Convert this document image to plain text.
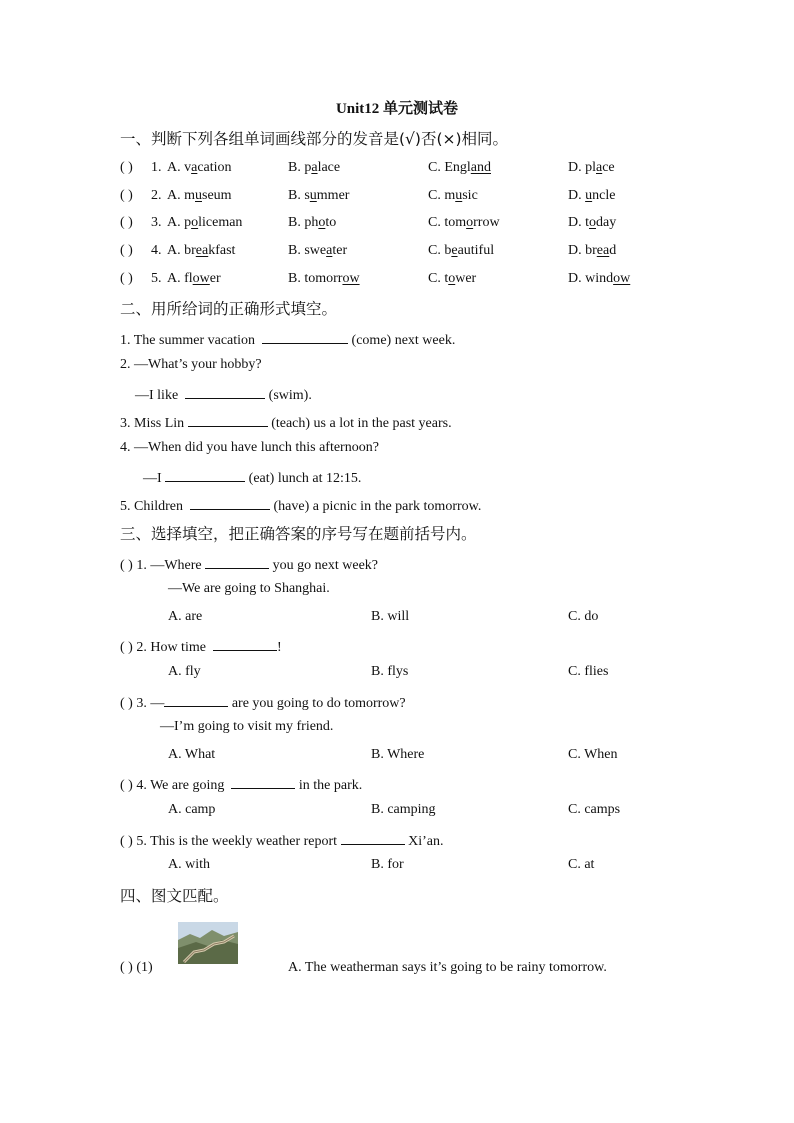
Unit12 单元测试卷
一、判断下列各组单词画线部分的发音是(√)否(×)相同。
( ) 1. A. vacation	B. palace	C. England	D. place
( ) 2. A. museum	B. summer	C. music	D. uncle
( ) 3. A. policeman	B. photo	C. tomorrow	D. today
( ) 4. A. breakfast	B. sweater	C. beautiful	D. bread
( ) 5. A. flower	B. tomorrow	C. tower	D. window
二、用所给词的正确形式填空。
1. The summer vacation	(come) next week.
2. —What’s your hobby?
—I like	(swim).
3. Miss Lin	(teach) us a lot in the past years.
4. —When did you have lunch this afternoon?
—I	(eat) lunch at 12:15.
5. Children	(have) a picnic in the park tomorrow.
三、选择填空，把正确答案的序号写在题前括号内。
( ) 1. —Where	you go next week?
—We are going to Shanghai.
A. are	B. will	C. do
( ) 2. How time	!
A. fly	B. flys	C. flies
( ) 3. —	are you going to do tomorrow?
—I’m going to visit my friend.
A. What	B. Where	C. When
( ) 4. We are going	in the park.
A. camp	B. camping	C. camps
( ) 5. This is the weekly weather report	Xi’an.
A. with	B. for	C. at
四、图文匹配。
( ) (1)	A. The weatherman says it’s going to be rainy tomorrow.
